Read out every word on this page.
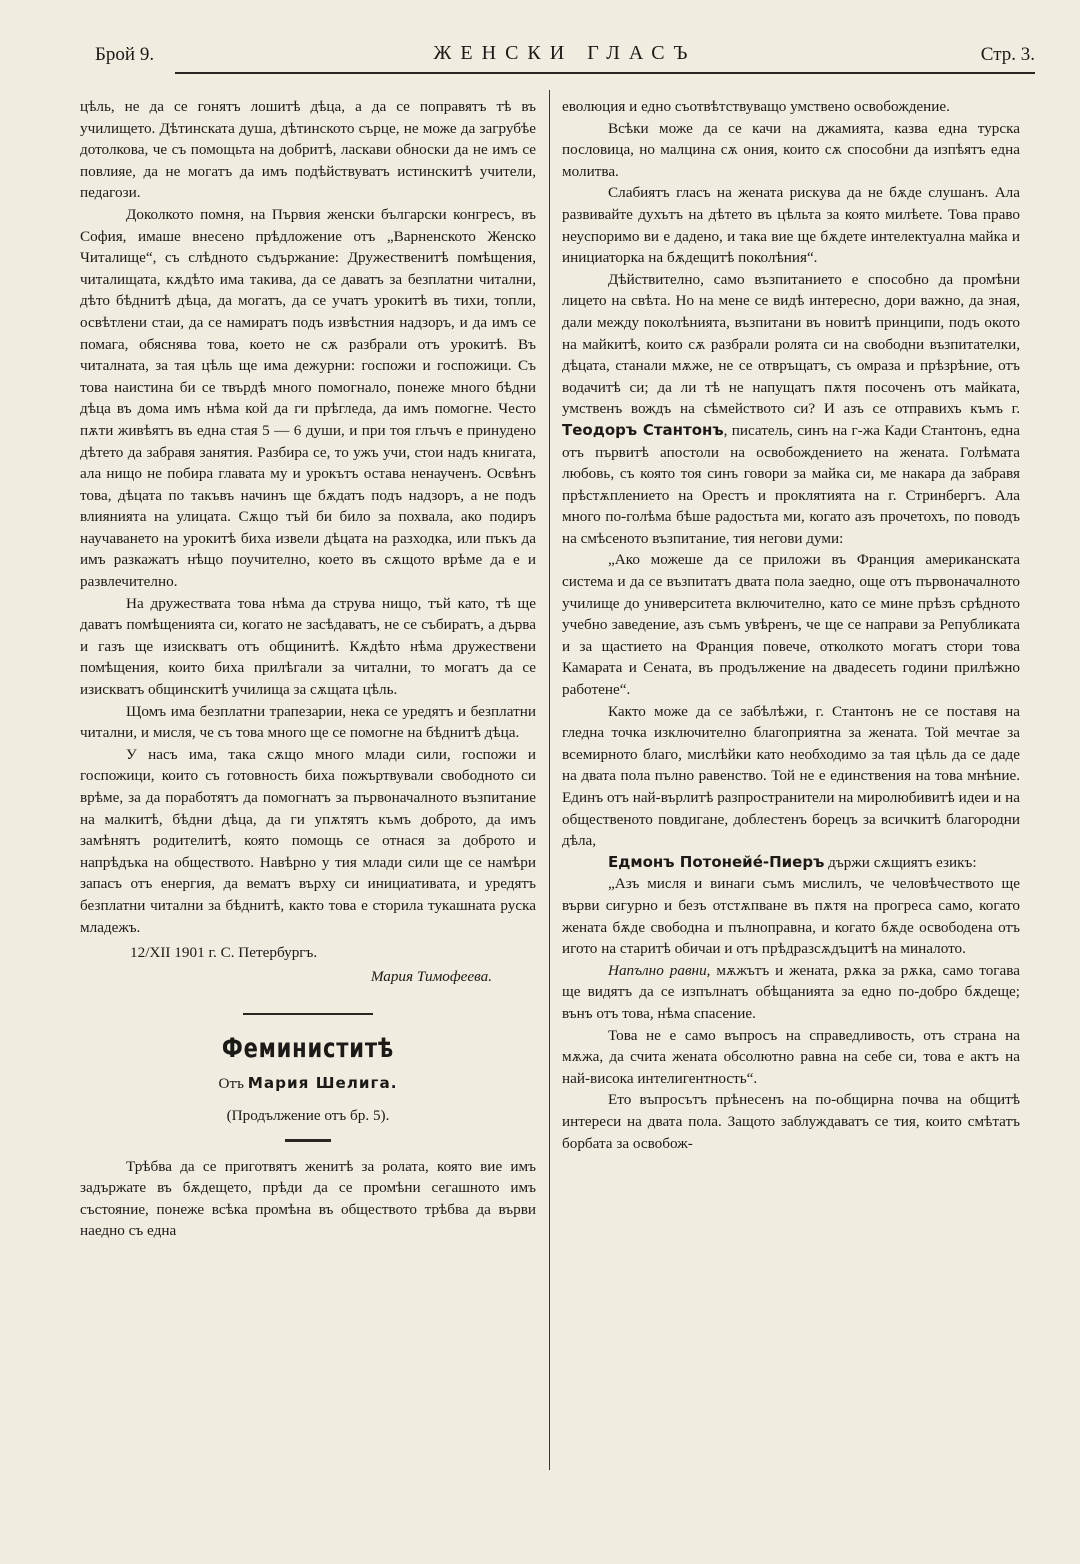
Брой 9.	ЖЕНСКИ ГЛАСЪ	Стр. 3.

цѣль, не да се гонятъ лошитѣ дѣца, а да се поправятъ тѣ въ училището. Дѣтинската душа, дѣтинското сърце, не може да загрубѣе дотолкова, че съ помощьта на добритѣ, ласкави обноски да не имъ се повлияе, да не могатъ да имъ подѣйствуватъ истинскитѣ учители, педагози.

Доколкото помня, на Първия женски български конгресъ, въ София, имаше внесено прѣдложение отъ „Варненското Женско Читалище“, съ слѣдното съдържание: Дружественитѣ помѣщения, читалищата, кѫдѣто има такива, да се даватъ за безплатни читални, дѣто бѣднитѣ дѣца, да могатъ, да се учатъ урокитѣ въ тихи, топли, освѣтлени стаи, да се намиратъ подъ извѣстния надзоръ, и да имъ се помага, обяснява това, което не сѫ разбрали отъ урокитѣ. Въ читалната, за тая цѣль ще има дежурни: госпожи и госпожици. Съ това наистина би се твърдѣ много помогнало, понеже много бѣдни дѣца въ дома имъ нѣма кой да ги прѣгледа, да имъ помогне. Често пѫти живѣятъ въ една стая 5 — 6 души, и при тоя глъчъ е принуденo дѣтето да забравя занятия. Разбира се, то ужъ учи, стои надъ книгата, ала нищо не побира главата му и урокътъ остава ненаученъ. Освѣнъ това, дѣцата по такъвъ начинъ ще бѫдатъ подъ надзоръ, а не подъ влиянията на улицата. Сѫщо тъй би било за похвала, ако подиръ научаването на урокитѣ биха извели дѣцата на разходка, или пъкъ да имъ разкажатъ нѣщо поучително, което въ сѫщото врѣме да е и развлечително.

На дружествата това нѣма да струва нищо, тъй като, тѣ ще даватъ помѣщенията си, когато не засѣдаватъ, не се събиратъ, а дърва и газъ ще изискватъ отъ общинитѣ. Кѫдѣто нѣма дружествени помѣщения, които биха прилѣгали за читални, то могатъ да се изискватъ общинскитѣ училища за сѫщата цѣль.

Щомъ има безплатни трапезарии, нека се уредятъ и безплатни читални, и мисля, че съ това много ще се помогне на бѣднитѣ дѣца.

У насъ има, така сѫщо много млади сили, госпожи и госпожици, които съ готовность биха пожъртвували свободното си врѣме, за да поработятъ да помогнатъ за първоначалното възпитание на малкитѣ, бѣдни дѣца, да ги упѫтятъ къмъ доброто, да имъ замѣнятъ родителитѣ, която помощь се отнася за доброто и напрѣдъка на обществото. Навѣрно у тия млади сили ще се намѣри запасъ отъ енергия, да вематъ върху си инициативата, и уредятъ безплатни читални за бѣднитѣ, както това е сторила тукашната руска младежъ.

12/XII 1901 г. С. Петербургъ.
Мария Тимофеева.
Феминиститѣ
Отъ Мария Шелига.
(Продължение отъ бр. 5).

Трѣбва да се приготвятъ женитѣ за ролата, която вие имъ задържате въ бѫдещето, прѣди да се промѣни сегашното имъ състояние, понеже всѣка промѣна въ обществото трѣбва да върви наедно съ една

еволюция и едно съотвѣтствуващо умствено освобождение.

Всѣки може да се качи на джамията, казва една турска пословица, но малцина сѫ ония, които сѫ способни да изпѣятъ една молитва.

Слабиятъ гласъ на жената рискува да не бѫде слушанъ. Ала развивайте духътъ на дѣтето въ цѣльта за която милѣете. Това право неуспоримо ви е дадено, и така вие ще бѫдете интелектуална майка и инициаторка на бѫдещитѣ поколѣния“.

Дѣйствително, само възпитанието е способно да промѣни лицето на свѣта. Но на мене се видѣ интересно, дори важно, да зная, дали между поколѣнията, възпитани въ новитѣ принципи, подъ окото на майкитѣ, които сѫ разбрали ролята си на свободни възпитателки, дѣцата, станали мѫже, не се отвръщатъ, съ омраза и прѣзрѣние, отъ водачитѣ си; да ли тѣ не напущатъ пѫтя посоченъ отъ майката, умственъ вождъ на сѣмейството си? И азъ се отправихъ къмъ г. Теодоръ Стантонъ, писатель, синъ на г-жа Кади Стантонъ, една отъ първитѣ апостоли на освобождението на жената. Голѣмата любовь, съ която тоя синъ говори за майка си, ме накара да забравя прѣстѫплението на Орестъ и проклятията на г. Стринбергъ. Ала много по-голѣма бѣше радостьта ми, когато азъ прочетохъ, по поводъ на смѣсеното възпитание, тия негови думи:

„Ако можеше да се приложи въ Франция американската система и да се възпитатъ двата пола заедно, още отъ първоначалното училище до университета включително, като се мине прѣзъ срѣдното учебно заведение, азъ съмъ увѣренъ, че ще се направи за Републиката и за щастието на Франция повече, отколкото могатъ стори това Камарата и Сената, въ продължение на двадесеть години прилѣжно работене“.

Както може да се забѣлѣжи, г. Стантонъ не се поставя на гледна точка изключително благоприятна за жената. Той мечтае за всемирното благо, мислѣйки като необходимо за тая цѣль да се даде на двата пола пълно равенство. Той не е единствения на това мнѣние. Единъ отъ най-върлитѣ разпространители на миролюбивитѣ идеи и на общественото повдигане, доблестенъ борецъ за всичкитѣ благородни дѣла,

Едмонъ Потонейé-Пиеръ държи сѫщиятъ езикъ:

„Азъ мисля и винаги съмъ мислилъ, че человѣчеството ще върви сигурно и безъ отстѫпване въ пѫтя на прогреса само, когато жената бѫде свободна и пълноправна, и когато бѫде освободена отъ игото на старитѣ обичаи и отъ прѣдразсѫдъцитѣ на миналото.

Напълно равни, мѫжътъ и жената, рѫка за рѫка, само тогава ще видятъ да се изпълнатъ обѣщанията за едно по-добро бѫдеще; вънъ отъ това, нѣма спасение.

Това не е само въпросъ на справедливость, отъ страна на мѫжа, да счита жената обсолютно равна на себе си, това е актъ на най-висока интелигентность“.

Ето въпросътъ прѣнесенъ на по-общирна почва на общитѣ интереси на двата пола. Защото заблуждаватъ се тия, които смѣтатъ борбата за освобож-
